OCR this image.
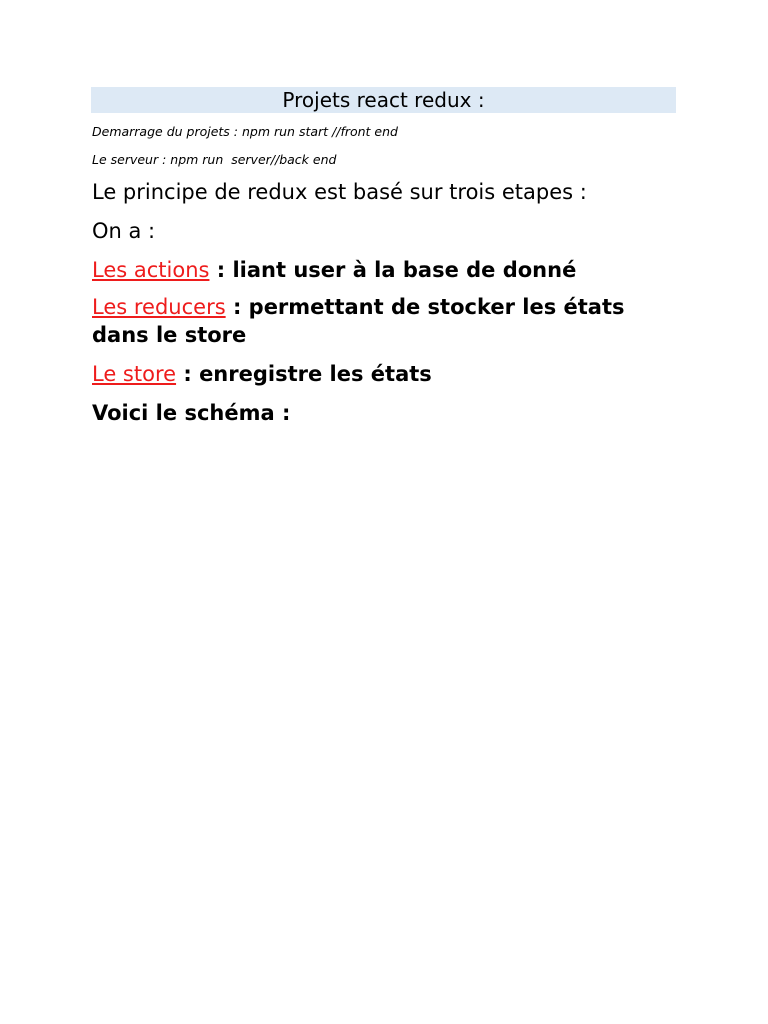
Projets react redux :
Demarrage du projets : npm run start //front end
Le serveur : npm run  server//back end
Le principe de redux est basé sur trois etapes :
On a :
Les actions : liant user à la base de donné
Les reducers : permettant de stocker les états dans le store
Le store : enregistre les états
Voici le schéma :
